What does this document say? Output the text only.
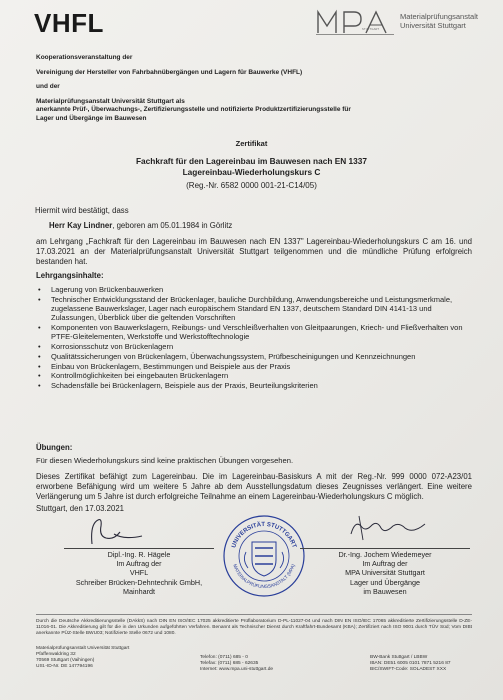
VHFL	STUTTGART
Materialprüfungsanstalt
Universität Stuttgart
Kooperationsveranstaltung der
Vereinigung der Hersteller von Fahrbahnübergängen und Lagern für Bauwerke (VHFL)
und der
Materialprüfungsanstalt Universität Stuttgart als
anerkannte Prüf-, Überwachungs-, Zertifizierungsstelle und notifizierte Produktzertifizierungsstelle für
Lager und Übergänge im Bauwesen
Zertifikat
Fachkraft für den Lagereinbau im Bauwesen nach EN 1337
Lagereinbau-Wiederholungskurs C
(Reg.-Nr. 6582 0000 001-21-C14/05)
Hiermit wird bestätigt, dass
Herr Kay Lindner, geboren am 05.01.1984 in Görlitz
am Lehrgang „Fachkraft für den Lagereinbau im Bauwesen nach EN 1337" Lagereinbau-Wiederholungskurs C am 16. und 17.03.2021 an der Materialprüfungsanstalt Universität Stuttgart teilgenommen und die mündliche Prüfung erfolgreich bestanden hat.
Lehrgangsinhalte:
• Lagerung von Brückenbauwerken
• Technischer Entwicklungsstand der Brückenlager, bauliche Durchbildung, Anwendungsbereiche und Leistungsmerkmale, zugelassene Bauwerkslager, Lager nach europäischem Standard EN 1337, deutschem Standard DIN 4141-13 und Zulassungen, Überblick über die geltenden Vorschriften
• Komponenten von Bauwerkslagern, Reibungs- und Verschleißverhalten von Gleitpaarungen, Kriech- und Fließverhalten von PTFE-Gleitelementen, Werkstoffe und Werkstofftechnologie
• Korrosionsschutz von Brückenlagern
• Qualitätssicherungen von Brückenlagern, Überwachungssystem, Prüfbescheinigungen und Kennzeichnungen
• Einbau von Brückenlagern, Bestimmungen und Beispiele aus der Praxis
• Kontrollmöglichkeiten bei eingebauten Brückenlagern
• Schadensfälle bei Brückenlagern, Beispiele aus der Praxis, Beurteilungskriterien
Übungen:
Für diesen Wiederholungskurs sind keine praktischen Übungen vorgesehen.
Dieses Zertifikat befähigt zum Lagereinbau. Die im Lagereinbau-Basiskurs A mit der Reg.-Nr. 999 0000 072-A23/01 erworbene Befähigung wird um weitere 5 Jahre ab dem Ausstellungsdatum dieses Zeugnisses verlängert. Eine weitere Verlängerung um 5 Jahre ist durch erfolgreiche Teilnahme an einem Lagereinbau-Wiederholungskurs C möglich.
Stuttgart, den 17.03.2021
Dipl.-Ing. R. Hägele
Im Auftrag der
VHFL
Schreiber Brücken-Dehntechnik GmbH,
Mainhardt
UNIVERSITÄT STUTTGART
MATERIALPRÜFUNGSANSTALT (MPA)
Dr.-Ing. Jochem Wiedemeyer
Im Auftrag der
MPA Universität Stuttgart
Lager und Übergänge
im Bauwesen
Durch die Deutsche Akkreditierungsstelle (DAkkS) nach DIN EN ISO/IEC 17025 akkreditierte Prüflaboratorium D-PL-11027-04 und nach DIN EN ISO/IEC 17065 akkreditierte Zertifizierungsstelle D-ZE-11016-01. Die Akkreditierung gilt für die in den Urkunden aufgeführten Verfahren. Benannt als Technischer Dienst durch Kraftfahrt-Bundesamt (KBA); Zertifiziert nach ISO 9001 durch TÜV Süd; Vom DIBt anerkannte PÜZ-Stelle BWU03; Notifizierte Stelle 0672 und 1080.
Materialprüfungsanstalt Universität Stuttgart
Pfaffenwaldring 32
70569 Stuttgart (Vaihingen)
USt.-ID-Nr. DE 147794196
Telefon: (0711) 685 - 0
Telefax: (0711) 685 - 62635
Internet: www.mpa.uni-stuttgart.de
BW-Bank Stuttgart / LBBW
IBAN: DE51 6005 0101 7871 5216 87
BIC/SWIFT-Code: SOLADEST XXX
